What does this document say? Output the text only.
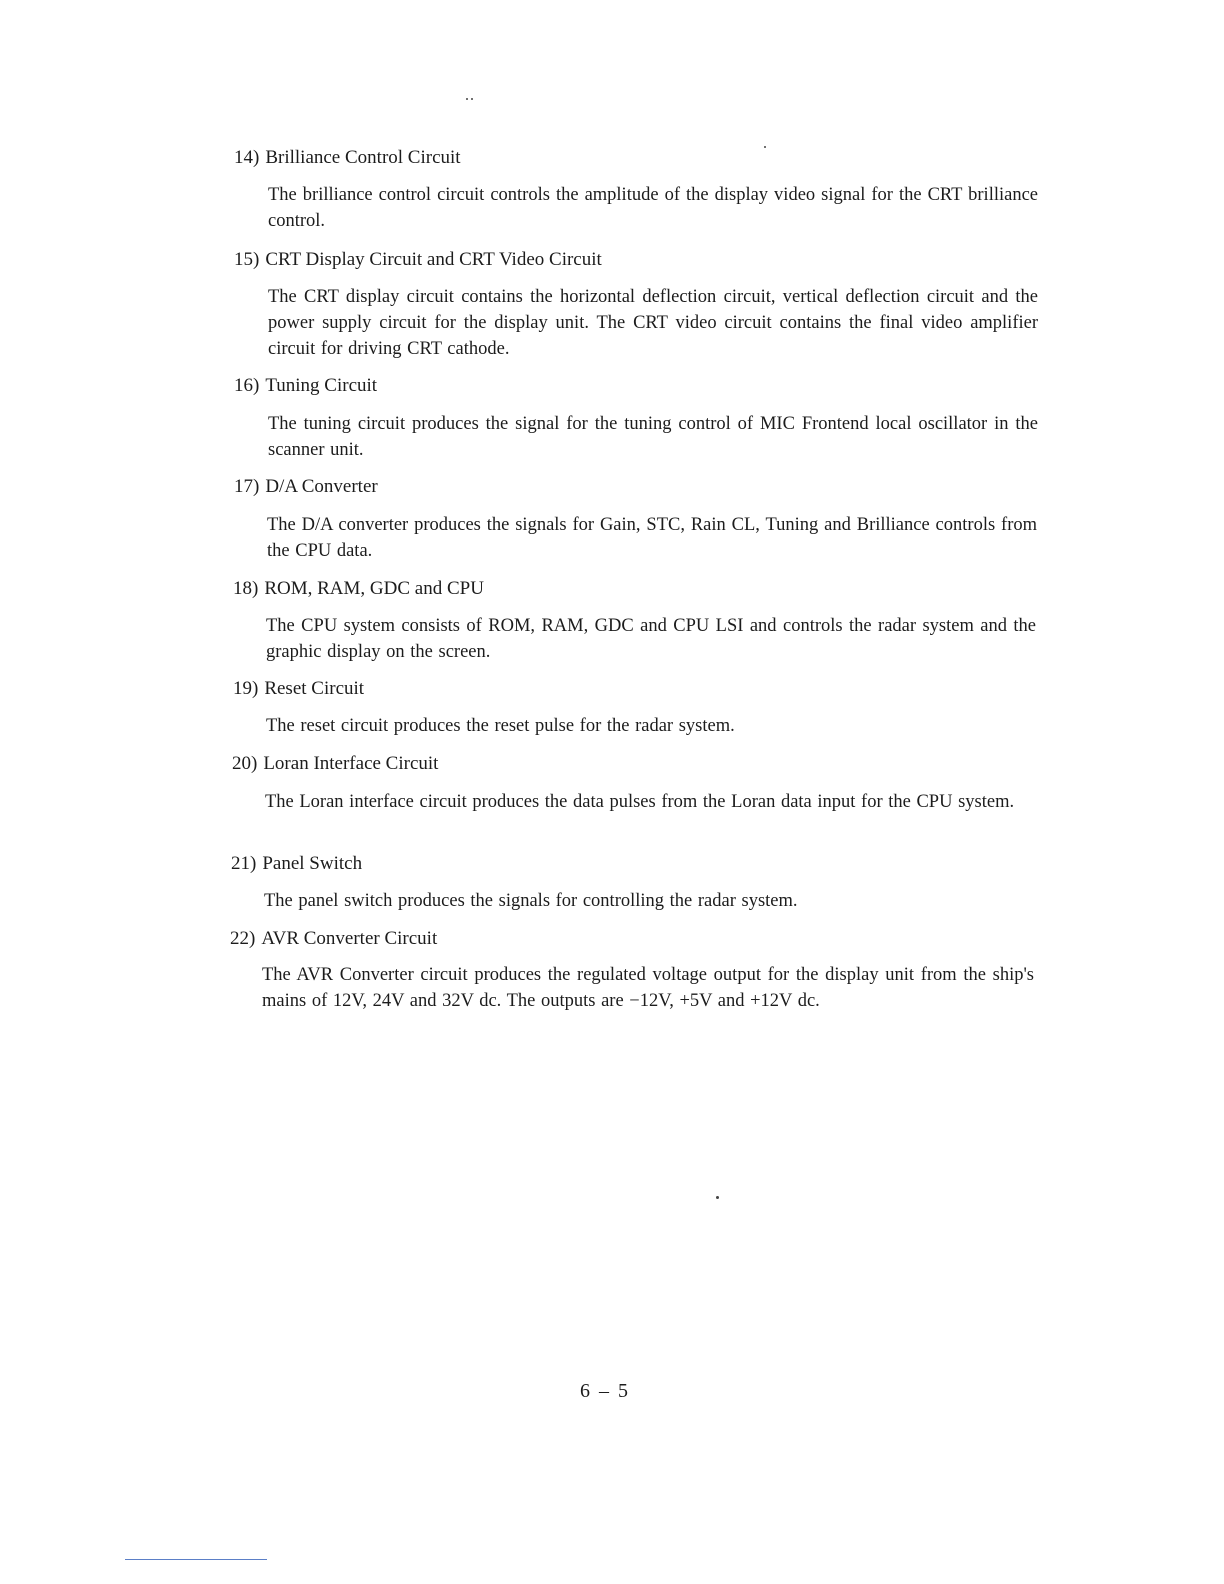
14) Brilliance Control Circuit
The brilliance control circuit controls the amplitude of the display video signal for the CRT brilliance control.
15) CRT Display Circuit and CRT Video Circuit
The CRT display circuit contains the horizontal deflection circuit, vertical deflection circuit and the power supply circuit for the display unit. The CRT video circuit contains the final video amplifier circuit for driving CRT cathode.
16) Tuning Circuit
The tuning circuit produces the signal for the tuning control of MIC Frontend local oscillator in the scanner unit.
17) D/A Converter
The D/A converter produces the signals for Gain, STC, Rain CL, Tuning and Brilliance controls from the CPU data.
18) ROM, RAM, GDC and CPU
The CPU system consists of ROM, RAM, GDC and CPU LSI and controls the radar system and the graphic display on the screen.
19) Reset Circuit
The reset circuit produces the reset pulse for the radar system.
20) Loran Interface Circuit
The Loran interface circuit produces the data pulses from the Loran data input for the CPU system.
21) Panel Switch
The panel switch produces the signals for controlling the radar system.
22) AVR Converter Circuit
The AVR Converter circuit produces the regulated voltage output for the display unit from the ship's mains of 12V, 24V and 32V dc. The outputs are −12V, +5V and +12V dc.
6 – 5
